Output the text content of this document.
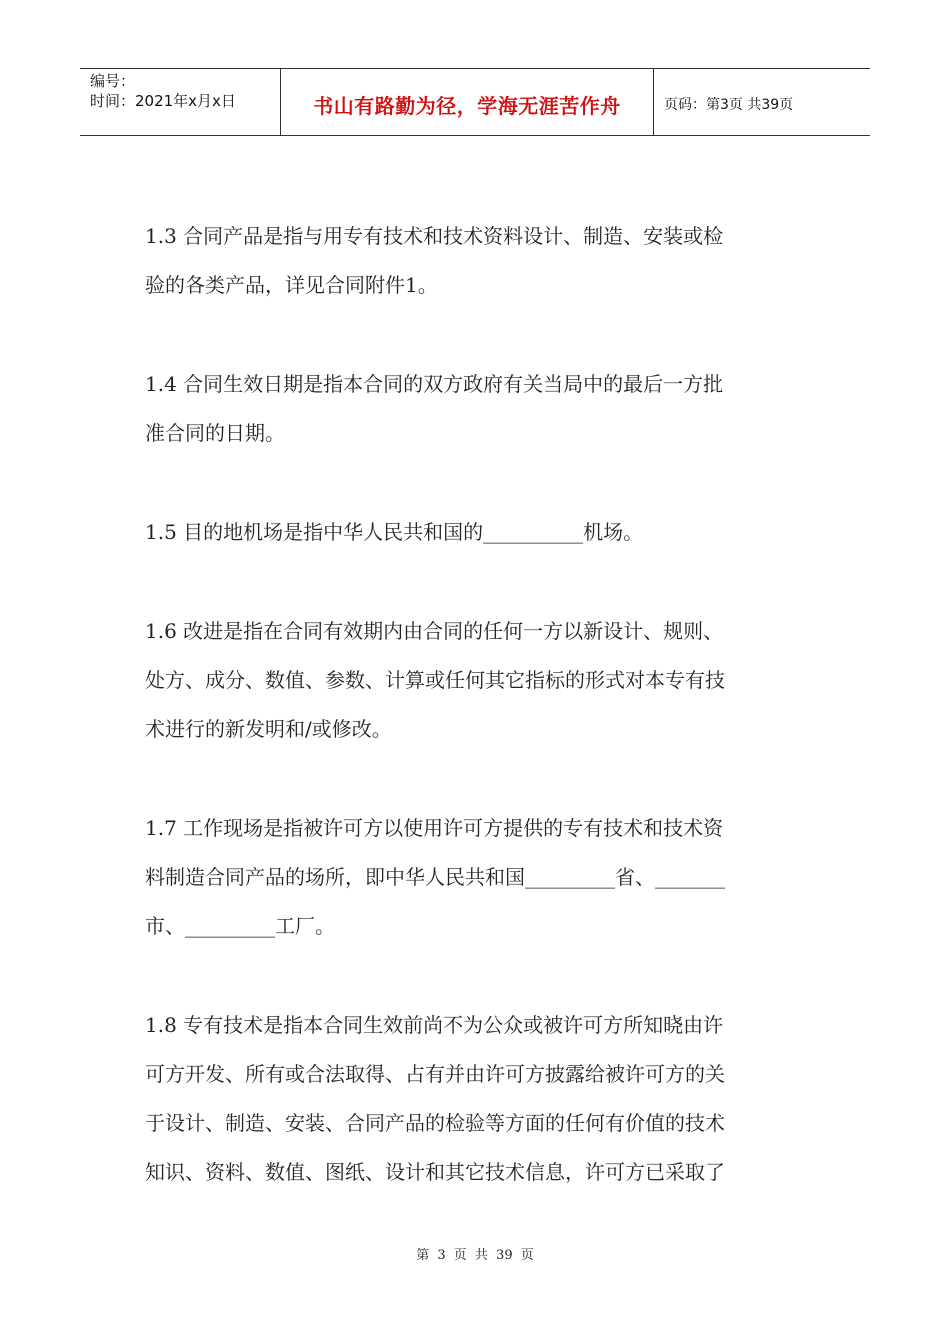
编号：
时间：2021年x月x日	书山有路勤为径，学海无涯苦作舟	页码：第3页 共39页
1.3 合同产品是指与用专有技术和技术资料设计、制造、安装或检
验的各类产品，详见合同附件1。
1.4 合同生效日期是指本合同的双方政府有关当局中的最后一方批
准合同的日期。
1.5 目的地机场是指中华人民共和国的__________机场。
1.6 改进是指在合同有效期内由合同的任何一方以新设计、规则、
处方、成分、数值、参数、计算或任何其它指标的形式对本专有技
术进行的新发明和/或修改。
1.7 工作现场是指被许可方以使用许可方提供的专有技术和技术资
料制造合同产品的场所，即中华人民共和国_________省、_______
市、_________工厂。
1.8 专有技术是指本合同生效前尚不为公众或被许可方所知晓由许
可方开发、所有或合法取得、占有并由许可方披露给被许可方的关
于设计、制造、安装、合同产品的检验等方面的任何有价值的技术
知识、资料、数值、图纸、设计和其它技术信息，许可方已采取了
第 3 页 共 39 页
